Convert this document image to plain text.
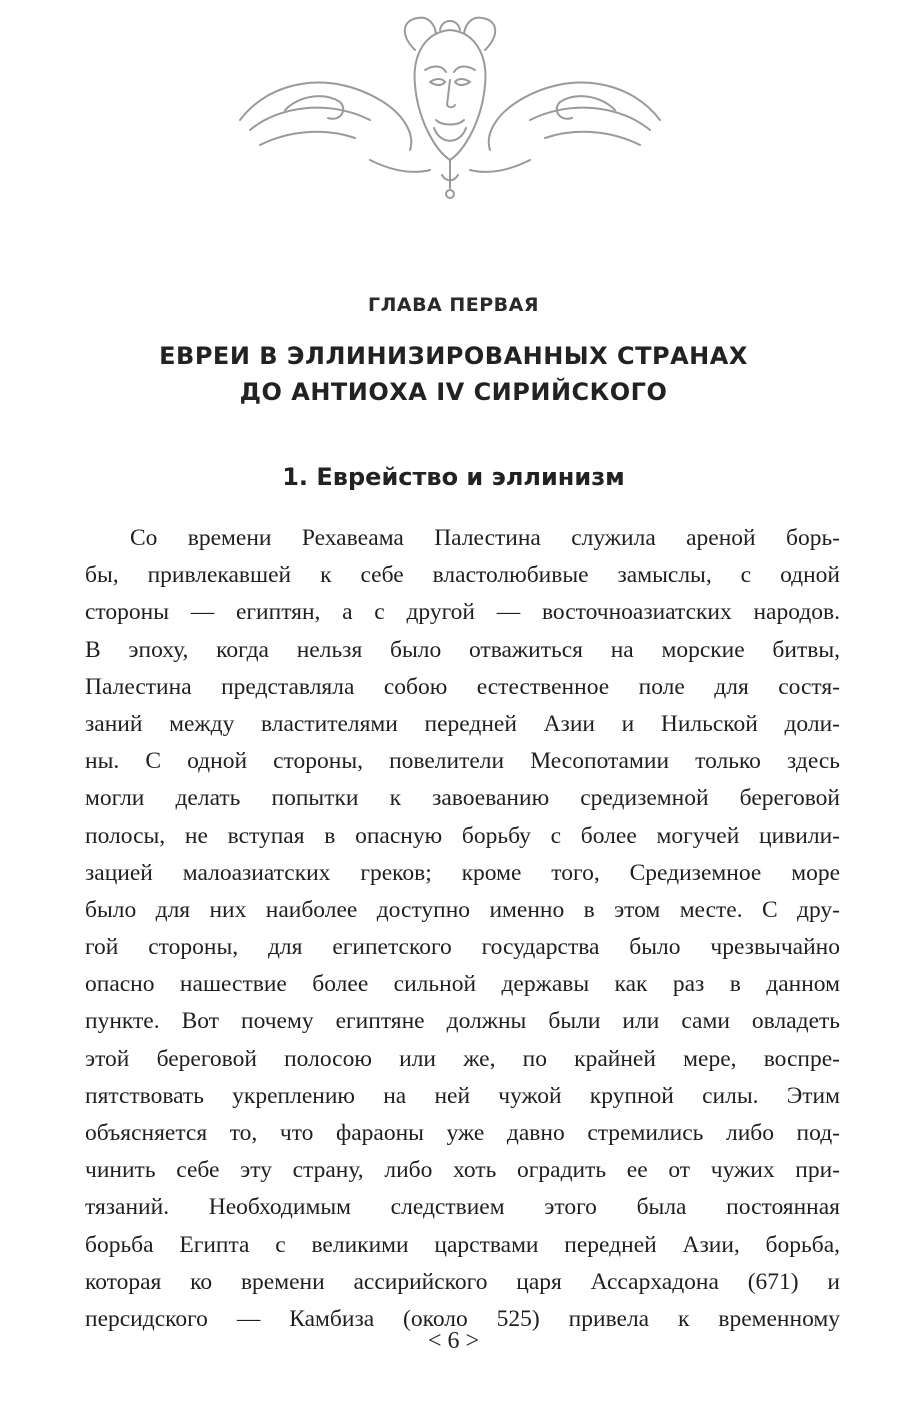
ГЛАВА ПЕРВАЯ
ЕВРЕИ В ЭЛЛИНИЗИРОВАННЫХ СТРАНАХ
ДО АНТИОХА IV СИРИЙСКОГО
1. Еврейство и эллинизм
Со времени Рехавеама Палестина служила ареной борь-
бы, привлекавшей к себе властолюбивые замыслы, с одной
стороны — египтян, а с другой — восточноазиатских народов.
В эпоху, когда нельзя было отважиться на морские битвы,
Палестина представляла собою естественное поле для состя-
заний между властителями передней Азии и Нильской доли-
ны. С одной стороны, повелители Месопотамии только здесь
могли делать попытки к завоеванию средиземной береговой
полосы, не вступая в опасную борьбу с более могучей цивили-
зацией малоазиатских греков; кроме того, Средиземное море
было для них наиболее доступно именно в этом месте. С дру-
гой стороны, для египетского государства было чрезвычайно
опасно нашествие более сильной державы как раз в данном
пункте. Вот почему египтяне должны были или сами овладеть
этой береговой полосою или же, по крайней мере, воспре-
пятствовать укреплению на ней чужой крупной силы. Этим
объясняется то, что фараоны уже давно стремились либо под-
чинить себе эту страну, либо хоть оградить ее от чужих при-
тязаний. Необходимым следствием этого была постоянная
борьба Египта с великими царствами передней Азии, борьба,
которая ко времени ассирийского царя Ассархадона (671) и
персидского — Камбиза (около 525) привела к временному
< 6 >
